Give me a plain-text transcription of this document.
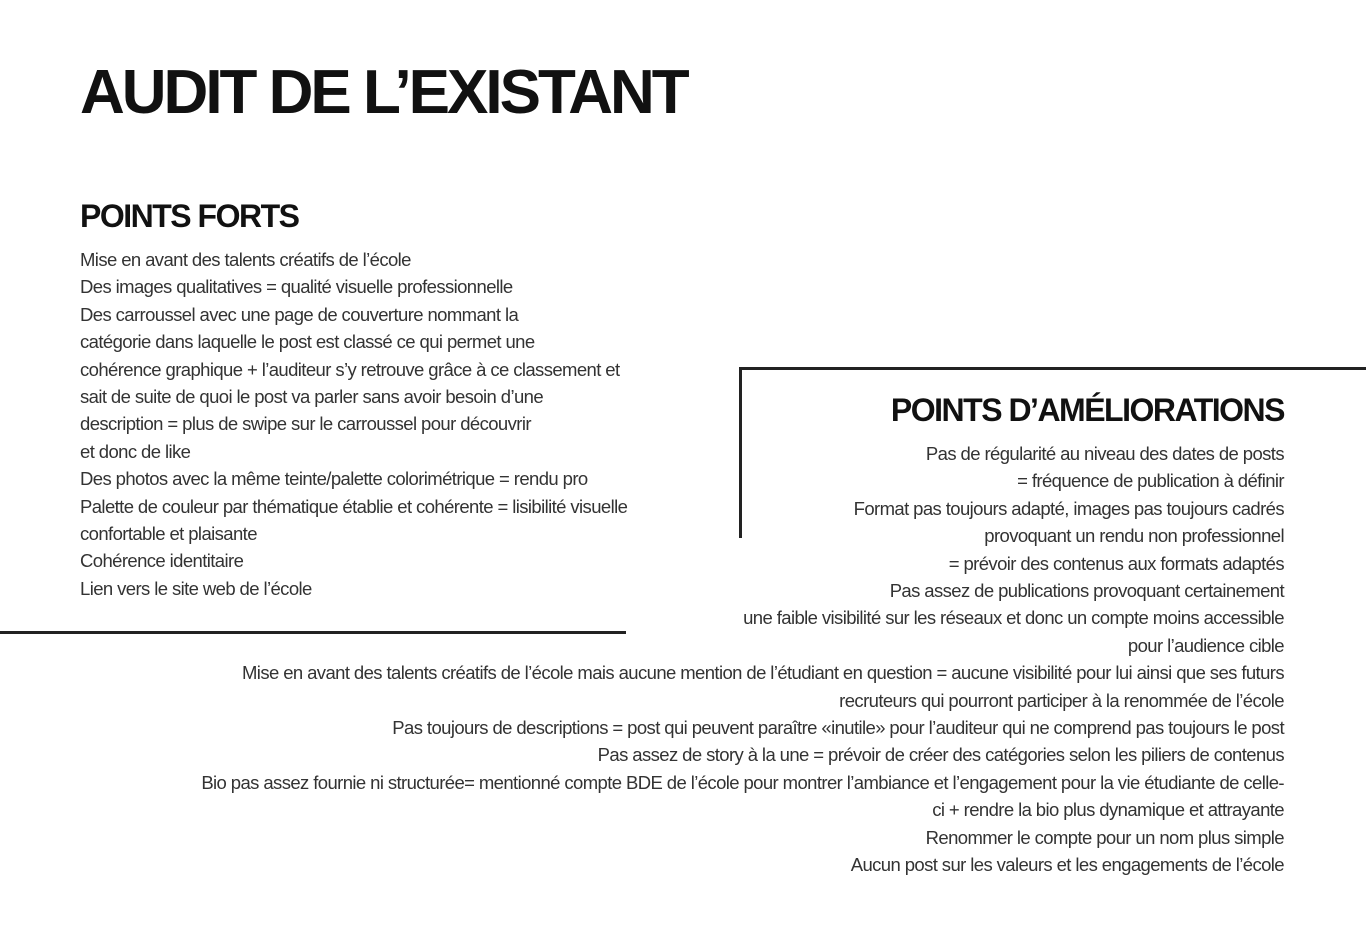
AUDIT DE L’EXISTANT
POINTS FORTS
Mise en avant des talents créatifs de l’école
Des images qualitatives = qualité visuelle professionnelle
Des carroussel avec une page de couverture nommant la
catégorie dans laquelle le post est classé ce qui permet une
cohérence graphique + l’auditeur s’y retrouve grâce à ce classement et
sait de suite de quoi le post va parler sans avoir besoin d’une
description = plus de swipe sur le carroussel pour découvrir
et donc de like
Des photos avec la même teinte/palette colorimétrique = rendu pro
Palette de couleur par thématique établie et cohérente = lisibilité visuelle
confortable et plaisante
Cohérence identitaire
Lien vers le site web de l’école
POINTS D’AMÉLIORATIONS
Pas de régularité au niveau des dates de posts
= fréquence de publication à définir
Format pas toujours adapté, images pas toujours cadrés
provoquant un rendu non professionnel
= prévoir des contenus aux formats adaptés
Pas assez de publications provoquant certainement
une faible visibilité sur les réseaux et donc un compte moins accessible
pour l’audience cible
Mise en avant des talents créatifs de l’école mais aucune mention de l’étudiant en question = aucune visibilité pour lui ainsi que ses futurs
recruteurs qui pourront participer à la renommée de l’école
Pas toujours de descriptions = post qui peuvent paraître «inutile» pour l’auditeur qui ne comprend pas toujours le post
Pas assez de story à la une = prévoir de créer des catégories selon les piliers de contenus
Bio pas assez fournie ni structurée= mentionné compte BDE de l’école pour montrer l’ambiance et l’engagement pour la vie étudiante de celle-
ci + rendre la bio plus dynamique et attrayante
Renommer le compte pour un nom plus simple
Aucun post sur les valeurs et les engagements de l’école
